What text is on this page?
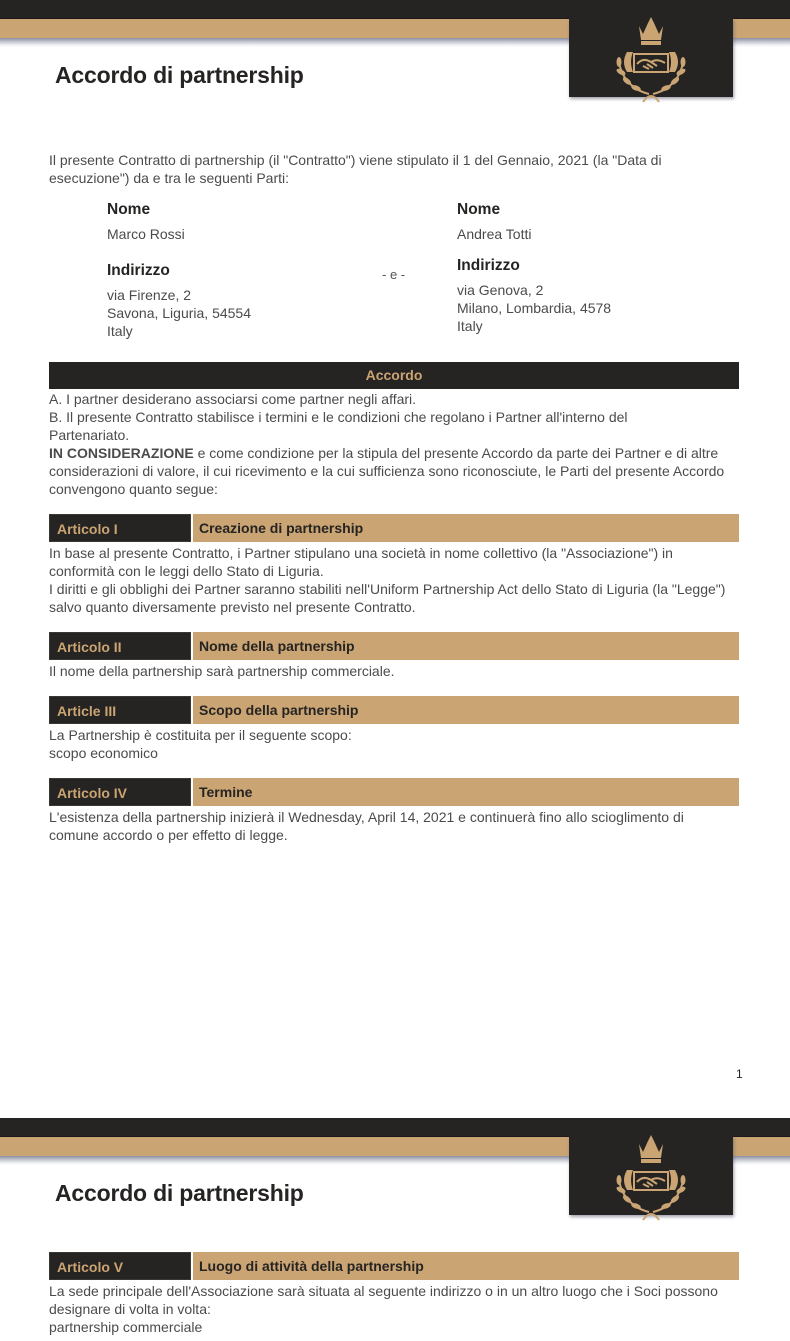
Accordo di partnership
Il presente Contratto di partnership (il "Contratto") viene stipulato il 1 del Gennaio, 2021 (la "Data di esecuzione") da e tra le seguenti Parti:
Nome
Marco Rossi
Indirizzo
via Firenze, 2
Savona, Liguria, 54554
Italy
- e -
Nome
Andrea Totti
Indirizzo
via Genova, 2
Milano, Lombardia, 4578
Italy
Accordo
A. I partner desiderano associarsi come partner negli affari.
B. Il presente Contratto stabilisce i termini e le condizioni che regolano i Partner all'interno del Partenariato.
IN CONSIDERAZIONE e come condizione per la stipula del presente Accordo da parte dei Partner e di altre considerazioni di valore, il cui ricevimento e la cui sufficienza sono riconosciute, le Parti del presente Accordo convengono quanto segue:
Articolo I	Creazione di partnership
In base al presente Contratto, i Partner stipulano una società in nome collettivo (la "Associazione") in conformità con le leggi dello Stato di Liguria.
I diritti e gli obblighi dei Partner saranno stabiliti nell'Uniform Partnership Act dello Stato di Liguria (la "Legge") salvo quanto diversamente previsto nel presente Contratto.
Articolo II	Nome della partnership
Il nome della partnership sarà partnership commerciale.
Article III	Scopo della partnership
La Partnership è costituita per il seguente scopo:
scopo economico
Articolo IV	Termine
L'esistenza della partnership inizierà il Wednesday, April 14, 2021 e continuerà fino allo scioglimento di comune accordo o per effetto di legge.
1
Accordo di partnership
Articolo V	Luogo di attività della partnership
La sede principale dell'Associazione sarà situata al seguente indirizzo o in un altro luogo che i Soci possono designare di volta in volta:
partnership commerciale
